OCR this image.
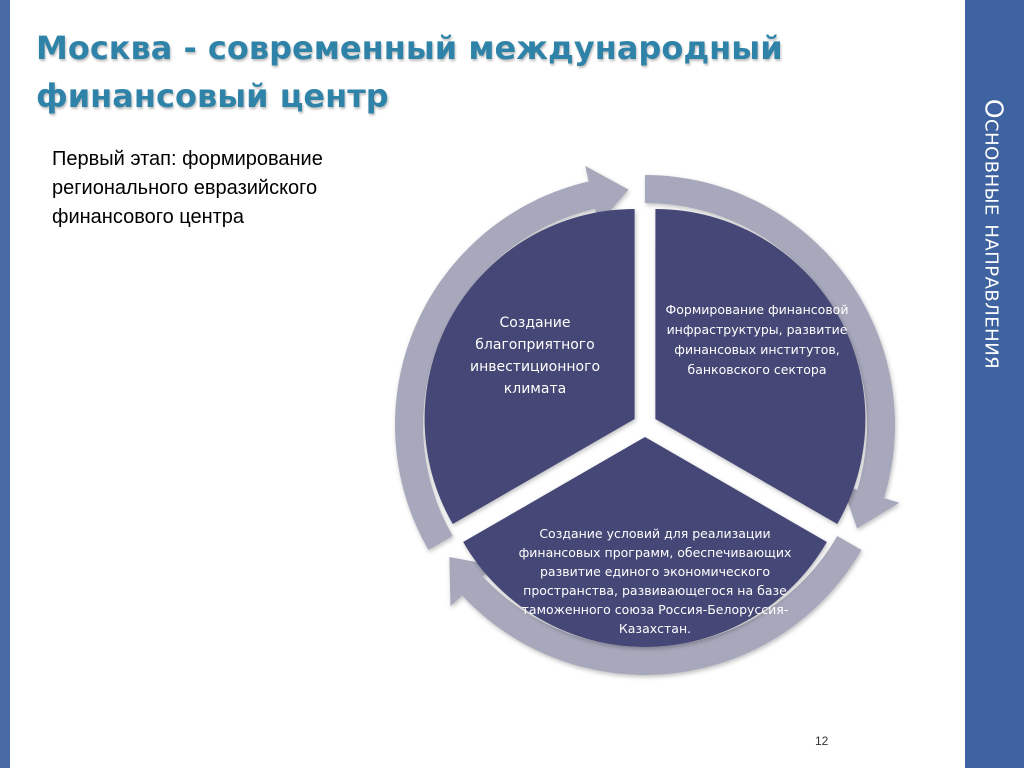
Основные направления
Москва - современный международный финансовый центр
Первый этап: формирование регионального евразийского финансового центра
Создание благоприятного инвестиционного климата
Формирование финансовой инфраструктуры, развитие финансовых институтов, банковского сектора
Создание условий для реализации финансовых программ, обеспечивающих развитие единого экономического пространства, развивающегося на базе таможенного союза Россия-Белоруссия-Казахстан.
12
